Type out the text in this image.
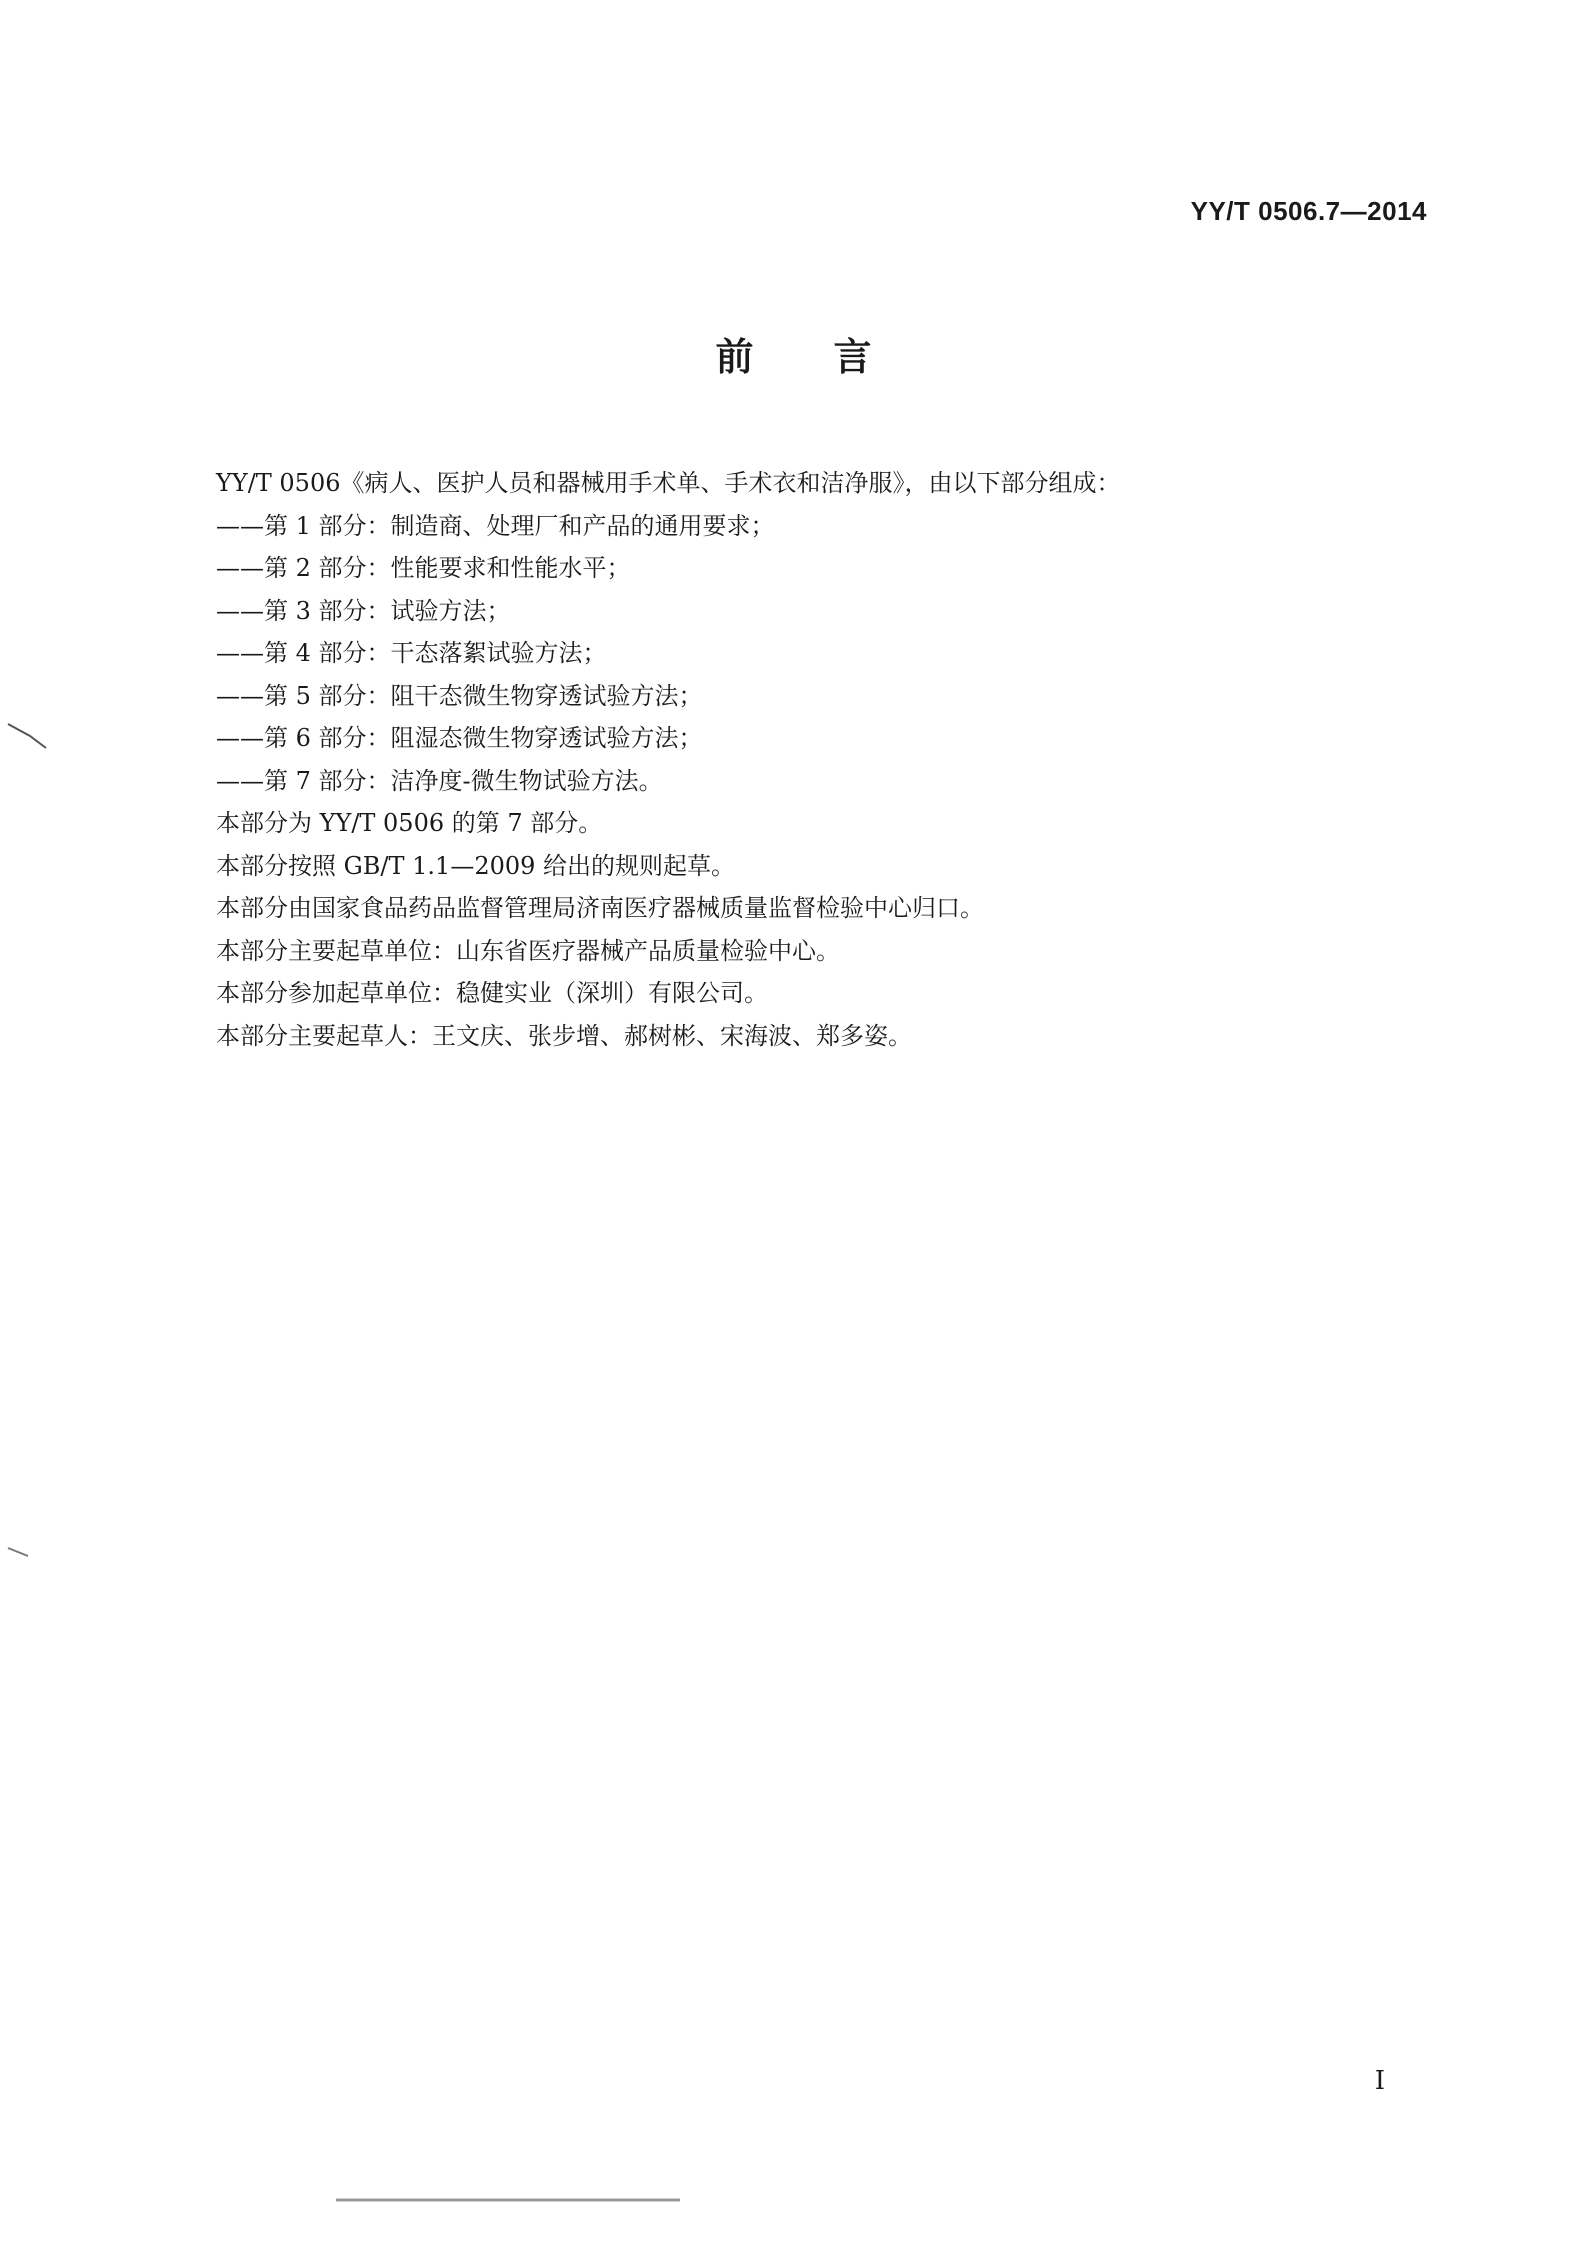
YY/T 0506.7—2014
前言

YY/T 0506《病人、医护人员和器械用手术单、手术衣和洁净服》，由以下部分组成：

——第 1 部分：制造商、处理厂和产品的通用要求；

——第 2 部分：性能要求和性能水平；

——第 3 部分：试验方法；

——第 4 部分：干态落絮试验方法；

——第 5 部分：阻干态微生物穿透试验方法；

——第 6 部分：阻湿态微生物穿透试验方法；

——第 7 部分：洁净度-微生物试验方法。

本部分为 YY/T 0506 的第 7 部分。

本部分按照 GB/T 1.1—2009 给出的规则起草。

本部分由国家食品药品监督管理局济南医疗器械质量监督检验中心归口。

本部分主要起草单位：山东省医疗器械产品质量检验中心。

本部分参加起草单位：稳健实业（深圳）有限公司。

本部分主要起草人：王文庆、张步增、郝树彬、宋海波、郑多姿。

I
